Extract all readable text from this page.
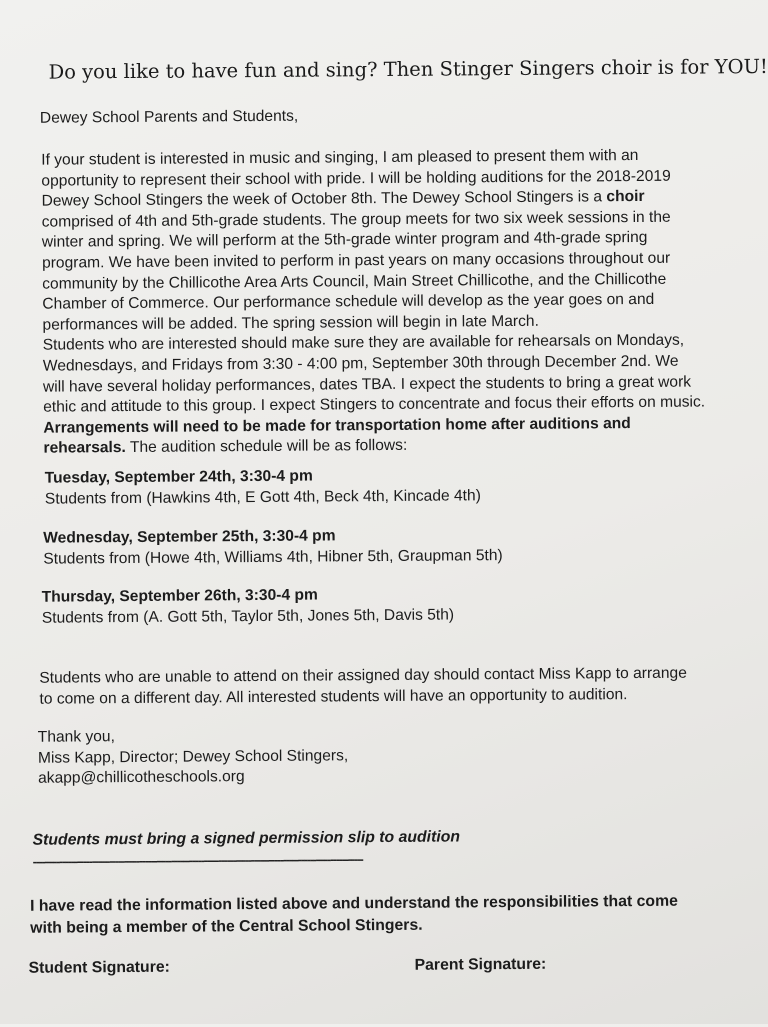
Do you like to have fun and sing? Then Stinger Singers choir is for YOU!
Dewey School Parents and Students,
If your student is interested in music and singing, I am pleased to present them with an
opportunity to represent their school with pride. I will be holding auditions for the 2018-2019
Dewey School Stingers the week of October 8th. The Dewey School Stingers is a choir
comprised of 4th and 5th-grade students. The group meets for two six week sessions in the
winter and spring. We will perform at the 5th-grade winter program and 4th-grade spring
program. We have been invited to perform in past years on many occasions throughout our
community by the Chillicothe Area Arts Council, Main Street Chillicothe, and the Chillicothe
Chamber of Commerce. Our performance schedule will develop as the year goes on and
performances will be added. The spring session will begin in late March.
Students who are interested should make sure they are available for rehearsals on Mondays,
Wednesdays, and Fridays from 3:30 - 4:00 pm, September 30th through December 2nd. We
will have several holiday performances, dates TBA. I expect the students to bring a great work
ethic and attitude to this group. I expect Stingers to concentrate and focus their efforts on music.
Arrangements will need to be made for transportation home after auditions and
rehearsals. The audition schedule will be as follows:
Tuesday, September 24th, 3:30-4 pm
Students from (Hawkins 4th, E Gott 4th, Beck 4th, Kincade 4th)
Wednesday, September 25th, 3:30-4 pm
Students from (Howe 4th, Williams 4th, Hibner 5th, Graupman 5th)
Thursday, September 26th, 3:30-4 pm
Students from (A. Gott 5th, Taylor 5th, Jones 5th, Davis 5th)
Students who are unable to attend on their assigned day should contact Miss Kapp to arrange
to come on a different day. All interested students will have an opportunity to audition.
Thank you,
Miss Kapp, Director; Dewey School Stingers,
akapp@chillicotheschools.org
Students must bring a signed permission slip to audition
----------------------------------------------------------------------------------------------------------------
I have read the information listed above and understand the responsibilities that come
with being a member of the Central School Stingers.
Student Signature:	Parent Signature:
